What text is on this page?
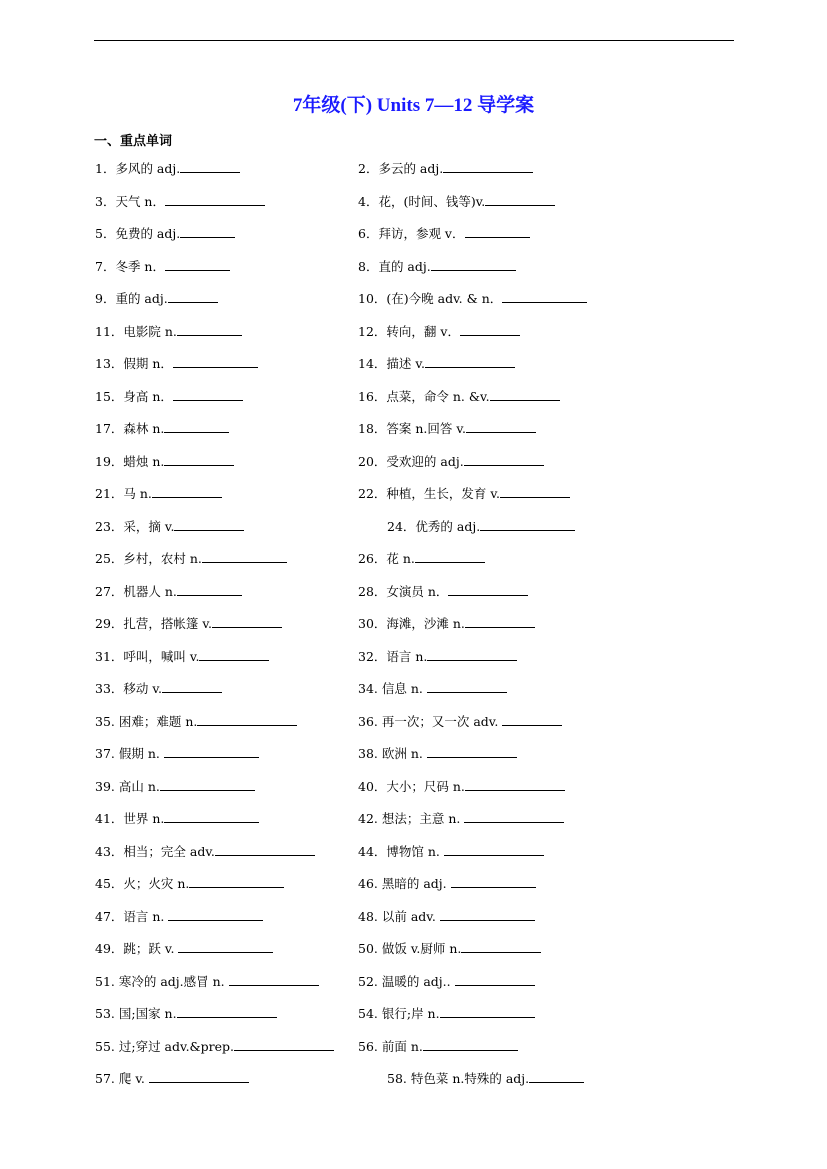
7年级(下) Units 7—12 导学案
一、重点单词
1．多风的 adj.	2．多云的 adj.
3．天气 n．	4．花，(时间、钱等)v.
5．免费的 adj.	6．拜访，参观 v．
7．冬季 n．	8．直的 adj.
9．重的 adj.	10．(在)今晚 adv. & n．
11．电影院 n.	12．转向，翻 v．
13．假期 n．	14．描述 v.
15．身高 n．	16．点菜，命令 n. &v.
17．森林 n.	18．答案 n.回答 v.
19．蜡烛 n.	20．受欢迎的 adj.
21．马 n.	22．种植，生长，发育 v.
23．采，摘 v.	24．优秀的 adj.
25．乡村，农村 n.	26．花 n.
27．机器人 n.	28．女演员 n．
29．扎营，搭帐篷 v.	30．海滩，沙滩 n.
31．呼叫，喊叫 v.	32．语言 n.
33．移动 v.	34. 信息 n.
35. 困难；难题 n.	36. 再一次；又一次 adv.
37. 假期 n.	38. 欧洲 n.
39. 高山 n.	40．大小；尺码 n.
41．世界 n.	42. 想法；主意 n.
43．相当；完全 adv.	44．博物馆 n.
45．火；火灾 n.	46. 黑暗的 adj.
47．语言 n.	48. 以前 adv.
49．跳；跃 v.	50. 做饭 v.厨师 n.
51. 寒冷的 adj.感冒 n.	52. 温暖的 adj..
53. 国;国家 n.	54. 银行;岸 n.
55. 过;穿过 adv.&prep.	56. 前面 n.
57. 爬 v.	58. 特色菜 n.特殊的 adj.
